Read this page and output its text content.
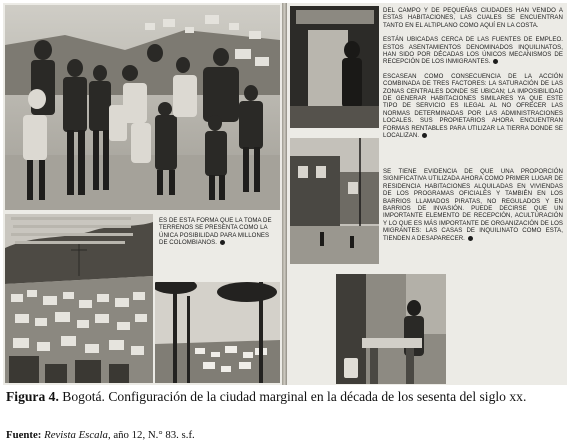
ES DE ESTA FORMA QUE LA TOMA DE TERRENOS SE PRESENTA COMO LA ÚNICA POSIBILIDAD PARA MILLONES DE COLOMBIANOS.

DEL CAMPO Y DE PEQUEÑAS CIUDADES HAN VENIDO A ESTAS HABITACIONES, LAS CUALES SE ENCUENTRAN TANTO EN EL ALTIPLANO COMO AQUÍ EN LA COSTA.

ESTÁN UBICADAS CERCA DE LAS FUENTES DE EMPLEO. ESTOS ASENTAMIENTOS DENOMINADOS INQUILINATOS, HAN SIDO POR DÉCADAS LOS ÚNICOS MECANISMOS DE RECEPCIÓN DE LOS INMIGRANTES.

ESCASEAN COMO CONSECUENCIA DE LA ACCIÓN COMBINADA DE TRES FACTORES: LA SATURACIÓN DE LAS ZONAS CENTRALES DONDE SE UBICAN; LA IMPOSIBILIDAD DE GENERAR HABITACIONES SIMILARES YA QUE ESTE TIPO DE SERVICIO ES ILEGAL AL NO OFRECER LAS NORMAS DETERMINADAS POR LAS ADMINISTRACIONES LOCALES. SUS PROPIETARIOS AHORA ENCUENTRAN FORMAS RENTABLES PARA UTILIZAR LA TIERRA DONDE SE LOCALIZAN.

SE TIENE EVIDENCIA DE QUE UNA PROPORCIÓN SIGNIFICATIVA UTILIZADA AHORA COMO PRIMER LUGAR DE RESIDENCIA HABITACIONES ALQUILADAS EN VIVIENDAS DE LOS PROGRAMAS OFICIALES Y TAMBIÉN EN LOS BARRIOS LLAMADOS PIRATAS, NO REGULADOS Y EN BARRIOS DE INVASIÓN. PUEDE DECIRSE QUE UN IMPORTANTE ELEMENTO DE RECEPCIÓN, ACULTURACIÓN Y LO QUE ES MÁS IMPORTANTE DE ORGANIZACIÓN DE LOS MIGRANTES: LAS CASAS DE INQUILINATO COMO ESTA, TIENDEN A DESAPARECER.
Figura 4. Bogotá. Configuración de la ciudad marginal en la década de los sesenta del siglo xx.
Fuente: Revista Escala, año 12, N.° 83. s.f.
